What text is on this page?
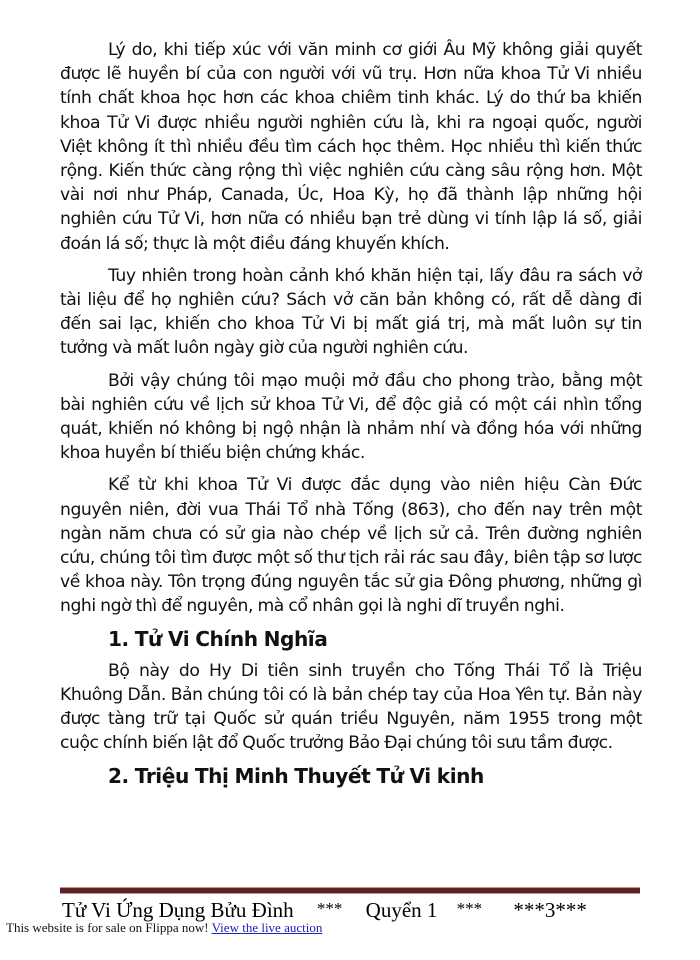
Lý do, khi tiếp xúc với văn minh cơ giới Âu Mỹ không giải quyết được lẽ huyền bí của con người với vũ trụ. Hơn nữa khoa Tử Vi nhiều tính chất khoa học hơn các khoa chiêm tinh khác. Lý do thứ ba khiến khoa Tử Vi được nhiều người nghiên cứu là, khi ra ngoại quốc, người Việt không ít thì nhiều đều tìm cách học thêm. Học nhiều thì kiến thức rộng. Kiến thức càng rộng thì việc nghiên cứu càng sâu rộng hơn. Một vài nơi như Pháp, Canada, Úc, Hoa Kỳ, họ đã thành lập những hội nghiên cứu Tử Vi, hơn nữa có nhiều bạn trẻ dùng vi tính lập lá số, giải đoán lá số; thực là một điều đáng khuyến khích.

Tuy nhiên trong hoàn cảnh khó khăn hiện tại, lấy đâu ra sách vở tài liệu để họ nghiên cứu? Sách vở căn bản không có, rất dễ dàng đi đến sai lạc, khiến cho khoa Tử Vi bị mất giá trị, mà mất luôn sự tin tưởng và mất luôn ngày giờ của người nghiên cứu.

Bởi vậy chúng tôi mạo muội mở đầu cho phong trào, bằng một bài nghiên cứu về lịch sử khoa Tử Vi, để độc giả có một cái nhìn tổng quát, khiến nó không bị ngộ nhận là nhảm nhí và đồng hóa với những khoa huyền bí thiếu biện chứng khác.

Kể từ khi khoa Tử Vi được đắc dụng vào niên hiệu Càn Đức nguyên niên, đời vua Thái Tổ nhà Tống (863), cho đến nay trên một ngàn năm chưa có sử gia nào chép về lịch sử cả. Trên đường nghiên cứu, chúng tôi tìm được một số thư tịch rải rác sau đây, biên tập sơ lược về khoa này. Tôn trọng đúng nguyên tắc sử gia Đông phương, những gì nghi ngờ thì để nguyên, mà cổ nhân gọi là nghi dĩ truyền nghi.

1. Tử Vi Chính Nghĩa

Bộ này do Hy Di tiên sinh truyền cho Tống Thái Tổ là Triệu Khuông Dẫn. Bản chúng tôi có là bản chép tay của Hoa Yên tự. Bản này được tàng trữ tại Quốc sử quán triều Nguyên, năm 1955 trong một cuộc chính biến lật đổ Quốc trưởng Bảo Đại chúng tôi sưu tầm được.

2. Triệu Thị Minh Thuyết Tử Vi kinh
Tử Vi Ứng Dụng Bửu Đình *** Quyển 1 *** ***3***
This website is for sale on Flippa now! View the live auction
